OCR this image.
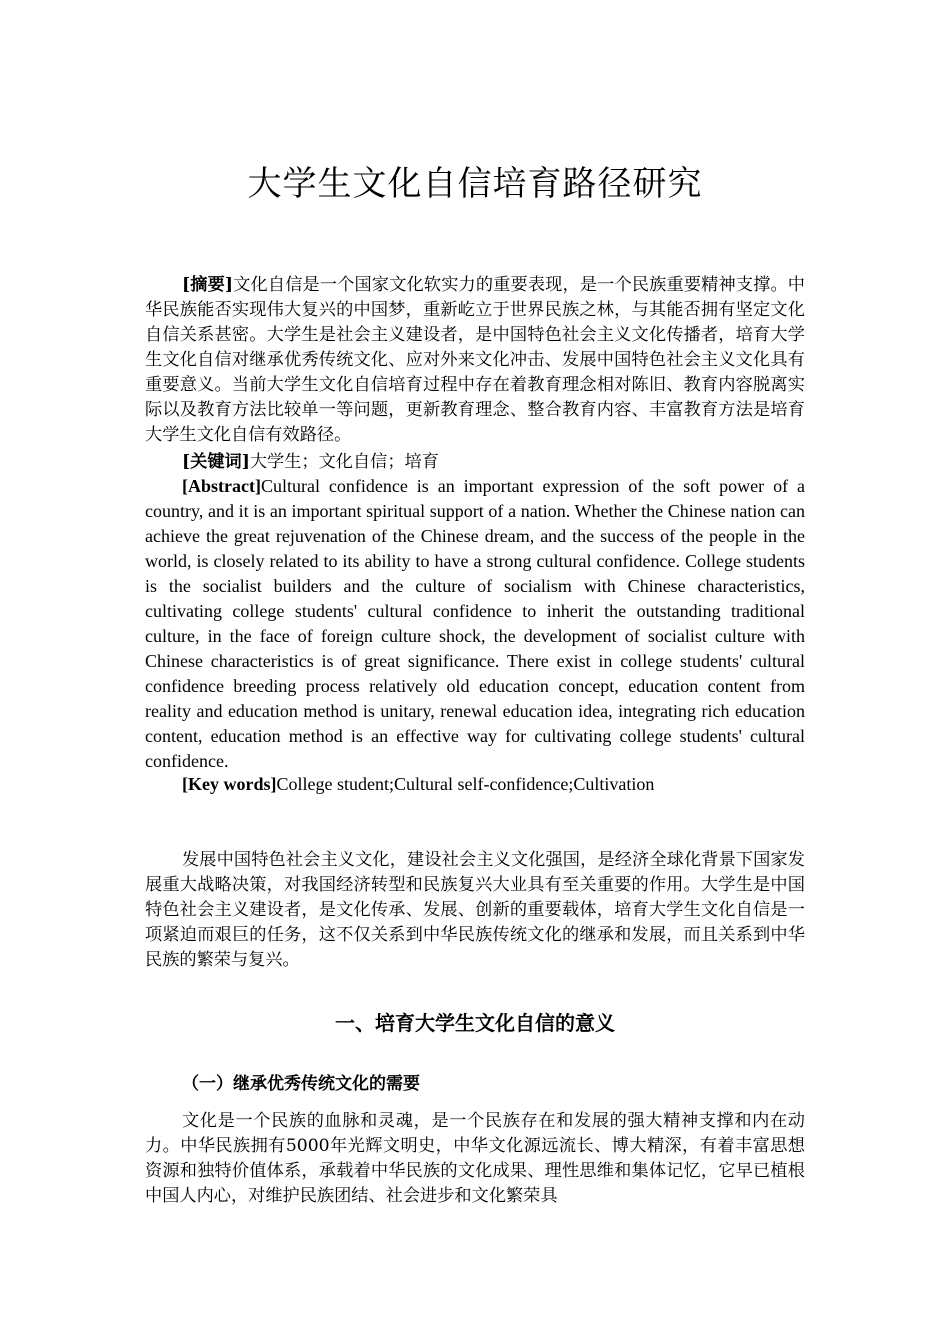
大学生文化自信培育路径研究

[摘要]文化自信是一个国家文化软实力的重要表现，是一个民族重要精神支撑。中华民族能否实现伟大复兴的中国梦，重新屹立于世界民族之林，与其能否拥有坚定文化自信关系甚密。大学生是社会主义建设者，是中国特色社会主义文化传播者，培育大学生文化自信对继承优秀传统文化、应对外来文化冲击、发展中国特色社会主义文化具有重要意义。当前大学生文化自信培育过程中存在着教育理念相对陈旧、教育内容脱离实际以及教育方法比较单一等问题，更新教育理念、整合教育内容、丰富教育方法是培育大学生文化自信有效路径。

[关键词]大学生；文化自信；培育

[Abstract]Cultural confidence is an important expression of the soft power of a country, and it is an important spiritual support of a nation. Whether the Chinese nation can achieve the great rejuvenation of the Chinese dream, and the success of the people in the world, is closely related to its ability to have a strong cultural confidence. College students is the socialist builders and the culture of socialism with Chinese characteristics, cultivating college students' cultural confidence to inherit the outstanding traditional culture, in the face of foreign culture shock, the development of socialist culture with Chinese characteristics is of great significance. There exist in college students' cultural confidence breeding process relatively old education concept, education content from reality and education method is unitary, renewal education idea, integrating rich education content, education method is an effective way for cultivating college students' cultural confidence.

[Key words]College student;Cultural self-confidence;Cultivation

发展中国特色社会主义文化，建设社会主义文化强国，是经济全球化背景下国家发展重大战略决策，对我国经济转型和民族复兴大业具有至关重要的作用。大学生是中国特色社会主义建设者，是文化传承、发展、创新的重要载体，培育大学生文化自信是一项紧迫而艰巨的任务，这不仅关系到中华民族传统文化的继承和发展，而且关系到中华民族的繁荣与复兴。

一、培育大学生文化自信的意义
（一）继承优秀传统文化的需要

文化是一个民族的血脉和灵魂，是一个民族存在和发展的强大精神支撑和内在动力。中华民族拥有5000年光辉文明史，中华文化源远流长、博大精深，有着丰富思想资源和独特价值体系，承载着中华民族的文化成果、理性思维和集体记忆，它早已植根中国人内心，对维护民族团结、社会进步和文化繁荣具
